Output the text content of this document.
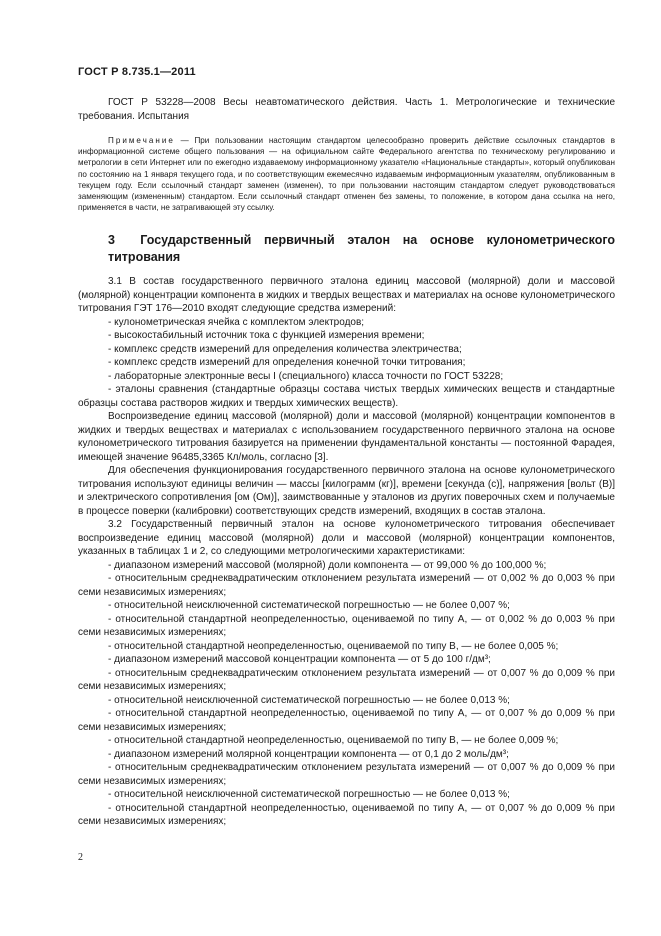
ГОСТ Р 8.735.1—2011

ГОСТ Р 53228—2008 Весы неавтоматического действия. Часть 1. Метрологические и технические требования. Испытания

Примечание — При пользовании настоящим стандартом целесообразно проверить действие ссылочных стандартов в информационной системе общего пользования — на официальном сайте Федерального агентства по техническому регулированию и метрологии в сети Интернет или по ежегодно издаваемому информационному указателю «Национальные стандарты», который опубликован по состоянию на 1 января текущего года, и по соответствующим ежемесячно издаваемым информационным указателям, опубликованным в текущем году. Если ссылочный стандарт заменен (изменен), то при пользовании настоящим стандартом следует руководствоваться заменяющим (измененным) стандартом. Если ссылочный стандарт отменен без замены, то положение, в котором дана ссылка на него, применяется в части, не затрагивающей эту ссылку.

3 Государственный первичный эталон на основе кулонометрического титрования

3.1 В состав государственного первичного эталона единиц массовой (молярной) доли и массовой (молярной) концентрации компонента в жидких и твердых веществах и материалах на основе кулонометрического титрования ГЭТ 176—2010 входят следующие средства измерений:

- кулонометрическая ячейка с комплектом электродов;

- высокостабильный источник тока с функцией измерения времени;

- комплекс средств измерений для определения количества электричества;

- комплекс средств измерений для определения конечной точки титрования;

- лабораторные электронные весы I (специального) класса точности по ГОСТ 53228;

- эталоны сравнения (стандартные образцы состава чистых твердых химических веществ и стандартные образцы состава растворов жидких и твердых химических веществ).

Воспроизведение единиц массовой (молярной) доли и массовой (молярной) концентрации компонентов в жидких и твердых веществах и материалах с использованием государственного первичного эталона на основе кулонометрического титрования базируется на применении фундаментальной константы — постоянной Фарадея, имеющей значение 96485,3365 Кл/моль, согласно [3].

Для обеспечения функционирования государственного первичного эталона на основе кулонометрического титрования используют единицы величин — массы [килограмм (кг)], времени [секунда (с)], напряжения [вольт (В)] и электрического сопротивления [ом (Ом)], заимствованные у эталонов из других поверочных схем и получаемые в процессе поверки (калибровки) соответствующих средств измерений, входящих в состав эталона.

3.2 Государственный первичный эталон на основе кулонометрического титрования обеспечивает воспроизведение единиц массовой (молярной) доли и массовой (молярной) концентрации компонентов, указанных в таблицах 1 и 2, со следующими метрологическими характеристиками:

- диапазоном измерений массовой (молярной) доли компонента — от 99,000 % до 100,000 %;

- относительным среднеквадратическим отклонением результата измерений — от 0,002 % до 0,003 % при семи независимых измерениях;

- относительной неисключенной систематической погрешностью — не более 0,007 %;

- относительной стандартной неопределенностью, оцениваемой по типу А, — от 0,002 % до 0,003 % при семи независимых измерениях;

- относительной стандартной неопределенностью, оцениваемой по типу В, — не более 0,005 %;

- диапазоном измерений массовой концентрации компонента — от 5 до 100 г/дм³;

- относительным среднеквадратическим отклонением результата измерений — от 0,007 % до 0,009 % при семи независимых измерениях;

- относительной неисключенной систематической погрешностью — не более 0,013 %;

- относительной стандартной неопределенностью, оцениваемой по типу А, — от 0,007 % до 0,009 % при семи независимых измерениях;

- относительной стандартной неопределенностью, оцениваемой по типу В, — не более 0,009 %;

- диапазоном измерений молярной концентрации компонента — от 0,1 до 2 моль/дм³;

- относительным среднеквадратическим отклонением результата измерений — от 0,007 % до 0,009 % при семи независимых измерениях;

- относительной неисключенной систематической погрешностью — не более 0,013 %;

- относительной стандартной неопределенностью, оцениваемой по типу А, — от 0,007 % до 0,009 % при семи независимых измерениях;

2
